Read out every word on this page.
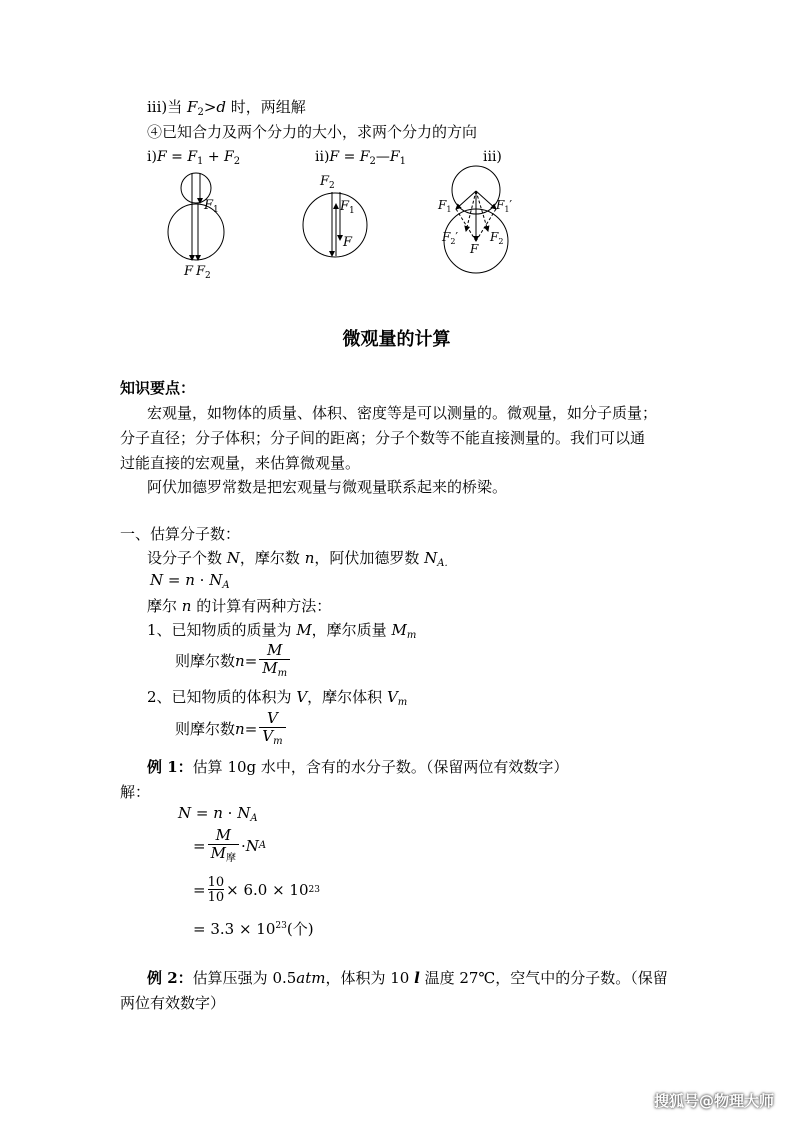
iii)当 $F_2>d$ 时，两组解
④已知合力及两个分力的大小，求两个分力的方向
$i)F = F_1 + F_2$	$ii)F = F_2—F_1$	iii)
$F_1$
F $F_2$
$F_2$
$F_1$
F
$F_1$	$F_1'$
$F_2'$
F
$F_2$
微观量的计算
知识要点：
宏观量，如物体的质量、体积、密度等是可以测量的。微观量，如分子质量；
分子直径；分子体积；分子间的距离；分子个数等不能直接测量的。我们可以通
过能直接的宏观量，来估算微观量。
阿伏加德罗常数是把宏观量与微观量联系起来的桥梁。
一、估算分子数：
设分子个数 N，摩尔数 n，阿伏加德罗数 $N_{A.}$
$N = n \cdot N_A$
摩尔 n 的计算有两种方法：
1、已知物质的质量为 M，摩尔质量 $M_m$
则摩尔数 $n = \frac{M}{M_m}$
2、已知物质的体积为 V，摩尔体积 $V_m$
则摩尔数 $n = \frac{V}{V_m}$
例 1：估算 10g 水中，含有的水分子数。（保留两位有效数字）
解：
$N = n \cdot N_A$
= $\frac{M}{M_摩} \cdot N$ A
= $\frac{10}{10} \times 6.0 \times 10$ 23
= $3.3 \times 10^{23}$(个)
例 2：估算压强为 0.5atm，体积为 10 l 温度 27℃，空气中的分子数。（保留
两位有效数字）
搜狐号@物理大师
